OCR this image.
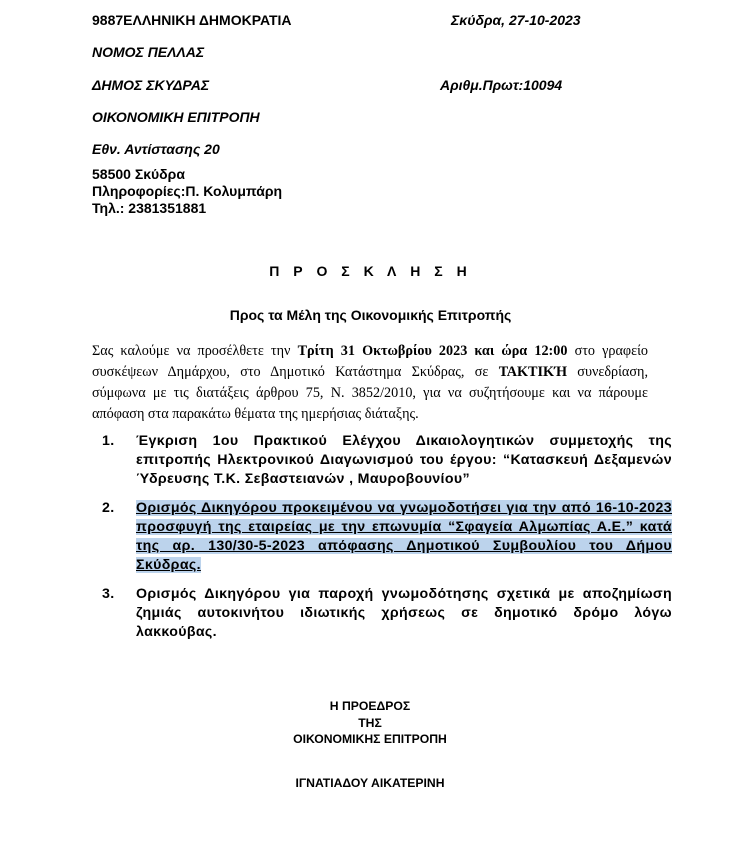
9887ΕΛΛΗΝΙΚΗ ΔΗΜΟΚΡΑΤΙΑ	Σκύδρα, 27-10-2023
ΝΟΜΟΣ ΠΕΛΛΑΣ
ΔΗΜΟΣ ΣΚΥΔΡΑΣ	Αριθμ.Πρωτ:10094
ΟΙΚΟΝΟΜΙΚΗ ΕΠΙΤΡΟΠΗ
Εθν. Αντίστασης 20
58500 Σκύδρα
Πληροφορίες:Π. Κολυμπάρη
Τηλ.: 2381351881
Π Ρ Ο Σ Κ Λ Η Σ Η
Προς τα Μέλη της Οικονομικής Επιτροπής

Σας καλούμε να προσέλθετε την Τρίτη 31 Οκτωβρίου 2023 και ώρα 12:00 στο γραφείο συσκέψεων Δημάρχου, στο Δημοτικό Κατάστημα Σκύδρας, σε ΤΑΚΤΙΚΉ συνεδρίαση, σύμφωνα με τις διατάξεις άρθρου 75, Ν. 3852/2010, για να συζητήσουμε και να πάρουμε απόφαση στα παρακάτω θέματα της ημερήσιας διάταξης.

1. Έγκριση 1ου Πρακτικού Ελέγχου Δικαιολογητικών συμμετοχής της επιτροπής Ηλεκτρονικού Διαγωνισμού του έργου: “Κατασκευή Δεξαμενών Ύδρευσης Τ.Κ. Σεβαστειανών , Μαυροβουνίου”
2. Ορισμός Δικηγόρου προκειμένου να γνωμοδοτήσει για την από 16-10-2023 προσφυγή της εταιρείας με την επωνυμία “Σφαγεία Αλμωπίας Α.Ε.” κατά της αρ. 130/30-5-2023 απόφασης Δημοτικού Συμβουλίου του Δήμου Σκύδρας.
3. Ορισμός Δικηγόρου για παροχή γνωμοδότησης σχετικά με αποζημίωση ζημιάς αυτοκινήτου ιδιωτικής χρήσεως σε δημοτικό δρόμο λόγω λακκούβας.
Η ΠΡΟΕΔΡΟΣ
ΤΗΣ
ΟΙΚΟΝΟΜΙΚΗΣ ΕΠΙΤΡΟΠΗ
ΙΓΝΑΤΙΑΔΟΥ ΑΙΚΑΤΕΡΙΝΗ
